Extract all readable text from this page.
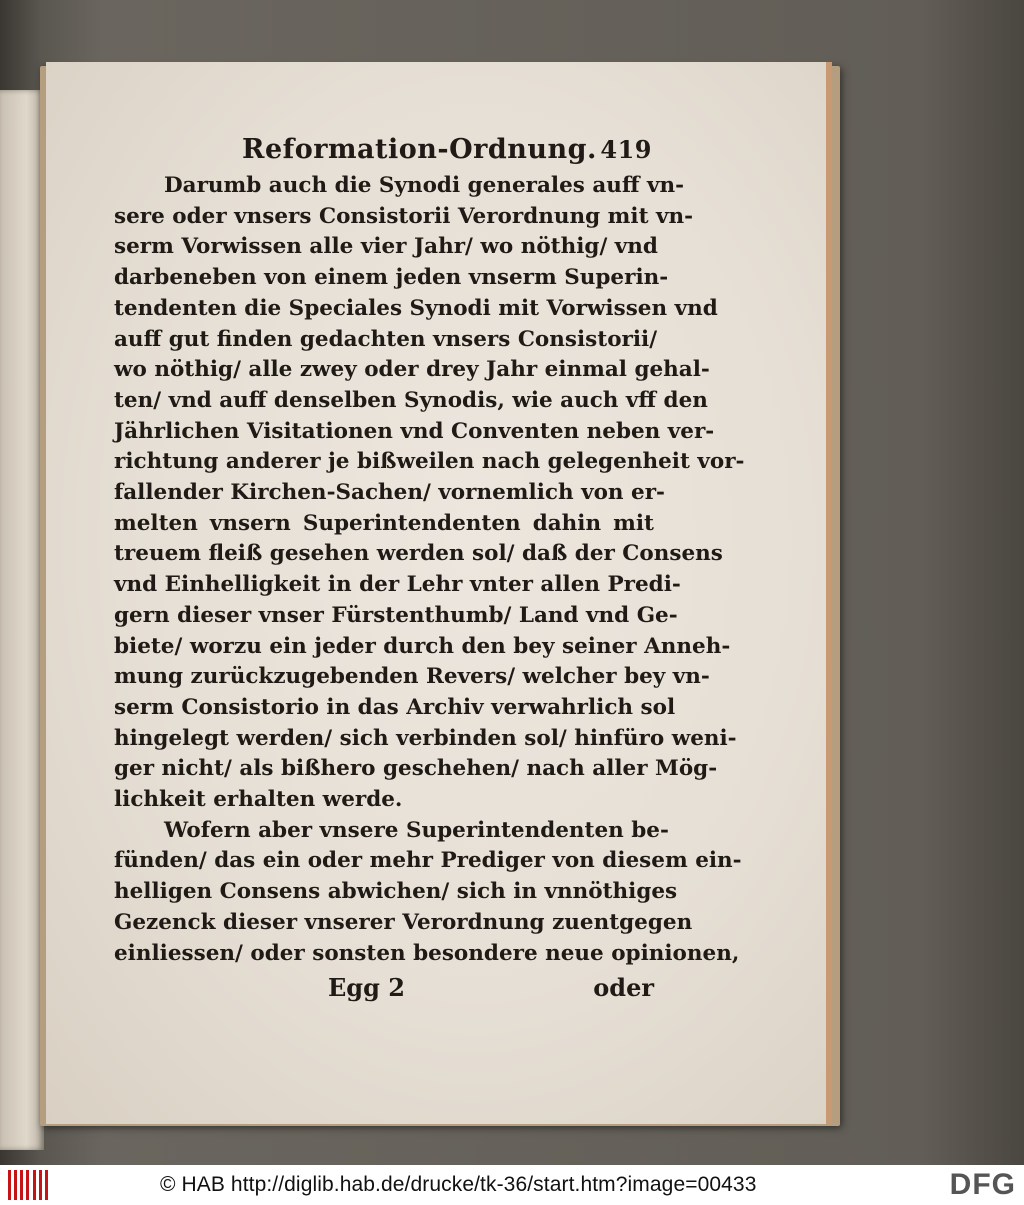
Reformation-Ordnung. 419
Darumb auch die Synodi generales auff vn-
sere oder vnsers Consistorii Verordnung mit vn-
serm Vorwissen alle vier Jahr/ wo nöthig/ vnd
darbeneben von einem jeden vnserm Superin-
tendenten die Speciales Synodi mit Vorwissen vnd
auff gut finden gedachten vnsers Consistorii/
wo nöthig/ alle zwey oder drey Jahr einmal gehal-
ten/ vnd auff denselben Synodis, wie auch vff den
Jährlichen Visitationen vnd Conventen neben ver-
richtung anderer je bißweilen nach gelegenheit vor-
fallender Kirchen-Sachen/ vornemlich von er-
melten vnsern Superintendenten dahin mit
treuem fleiß gesehen werden sol/ daß der Consens
vnd Einhelligkeit in der Lehr vnter allen Predi-
gern dieser vnser Fürstenthumb/ Land vnd Ge-
biete/ worzu ein jeder durch den bey seiner Anneh-
mung zurückzugebenden Revers/ welcher bey vn-
serm Consistorio in das Archiv verwahrlich sol
hingelegt werden/ sich verbinden sol/ hinfüro weni-
ger nicht/ als bißhero geschehen/ nach aller Mög-
lichkeit erhalten werde.
Wofern aber vnsere Superintendenten be-
fünden/ das ein oder mehr Prediger von diesem ein-
helligen Consens abwichen/ sich in vnnöthiges
Gezenck dieser vnserer Verordnung zuentgegen
einliessen/ oder sonsten besondere neue opinionen,
Egg 2	oder
© HAB http://diglib.hab.de/drucke/tk-36/start.htm?image=00433	DFG
